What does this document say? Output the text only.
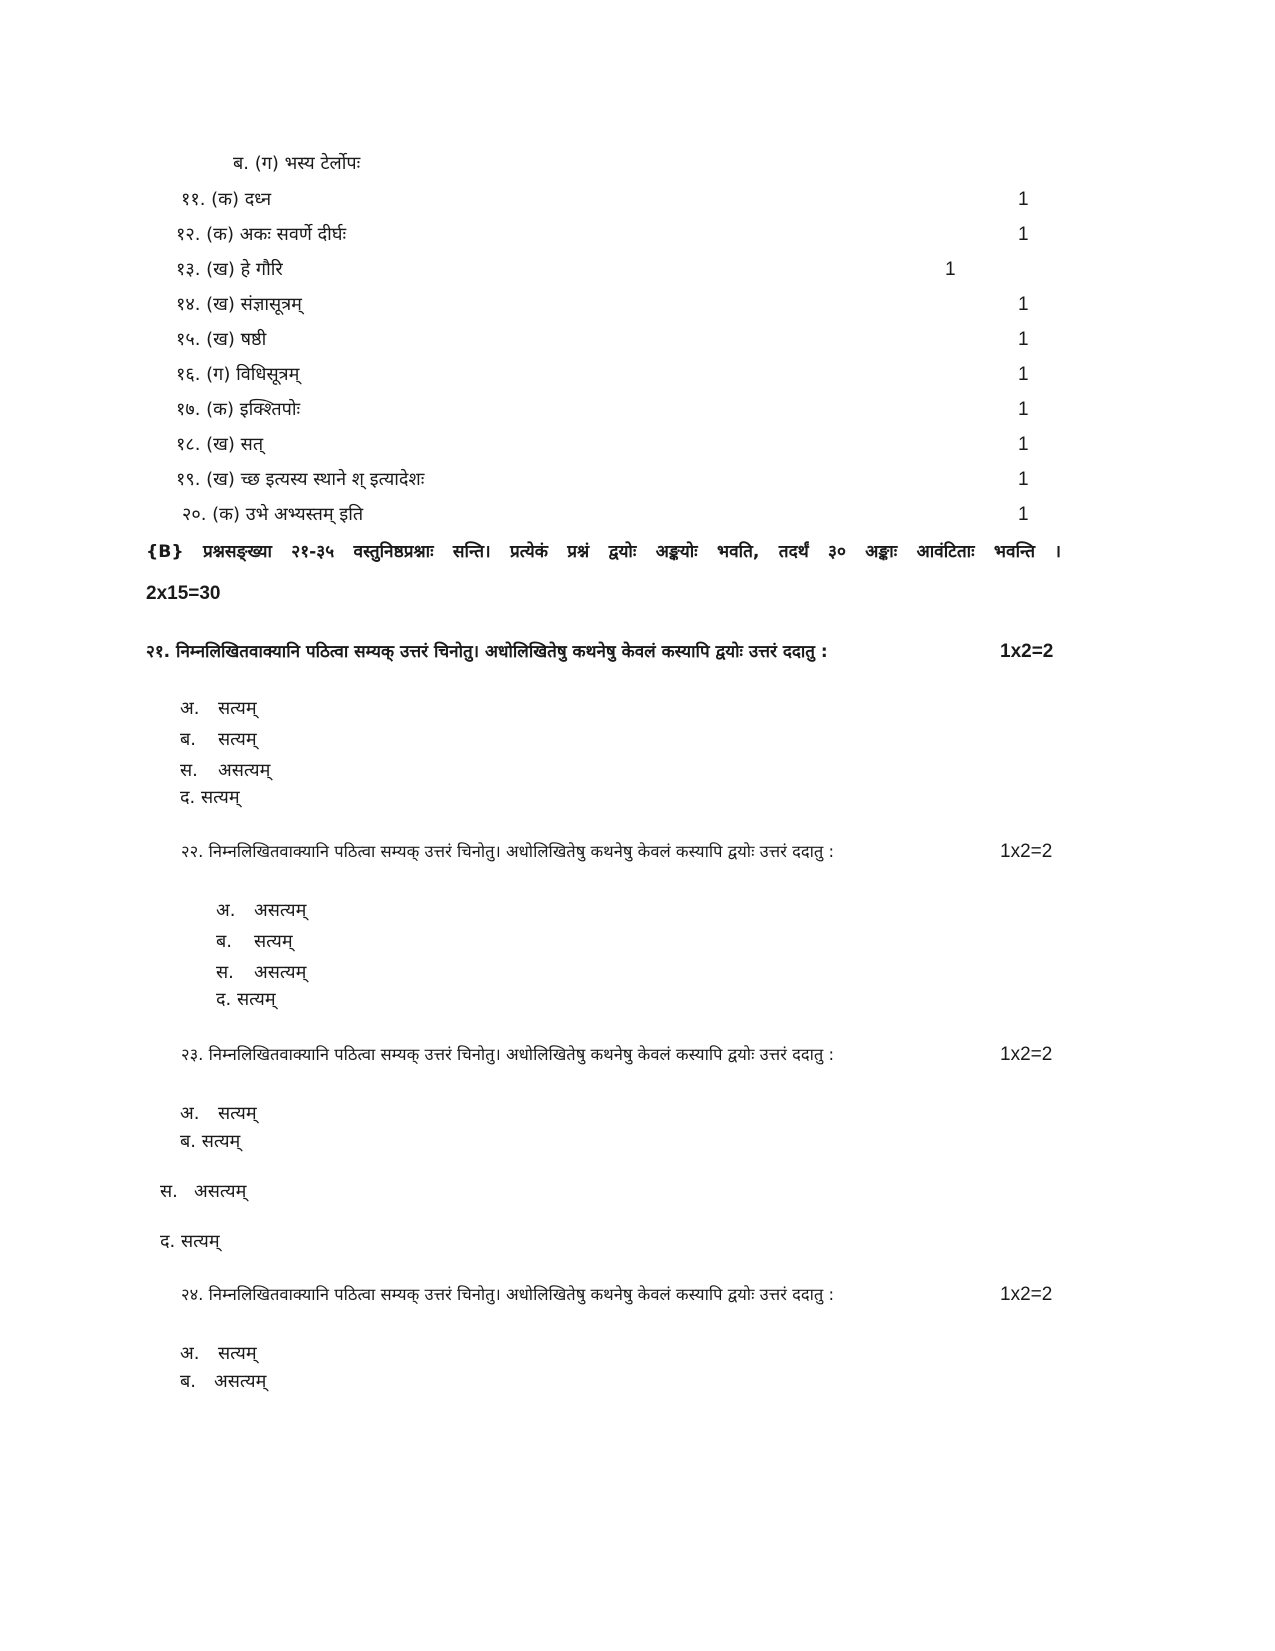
ब. (ग) भस्य टेर्लोपः
११. (क) दध्न	1
१२. (क) अकः सवर्णे दीर्घः	1
१३. (ख) हे गौरि	1
१४. (ख) संज्ञासूत्रम्	1
१५. (ख) षष्ठी	1
१६. (ग) विधिसूत्रम्	1
१७. (क) इक्श्तिपोः	1
१८. (ख) सत्	1
१९. (ख) च्छ इत्यस्य स्थाने श् इत्यादेशः	1
२०. (क) उभे अभ्यस्तम् इति	1
{B} प्रश्नसङ्ख्या २१-३५ वस्तुनिष्ठप्रश्नाः सन्ति। प्रत्येकं प्रश्नं द्वयोः अङ्कयोः भवति, तदर्थं ३० अङ्काः आवंटिताः भवन्ति ।
2x15=30
२१. निम्नलिखितवाक्यानि पठित्वा सम्यक् उत्तरं चिनोतु। अधोलिखितेषु कथनेषु केवलं कस्यापि द्वयोः उत्तरं ददातु :	1x2=2
अ. सत्यम्
ब. सत्यम्
स. असत्यम्
द. सत्यम्
२२. निम्नलिखितवाक्यानि पठित्वा सम्यक् उत्तरं चिनोतु। अधोलिखितेषु कथनेषु केवलं कस्यापि द्वयोः उत्तरं ददातु :	1x2=2
अ. असत्यम्
ब. सत्यम्
स. असत्यम्
द. सत्यम्
२३. निम्नलिखितवाक्यानि पठित्वा सम्यक् उत्तरं चिनोतु। अधोलिखितेषु कथनेषु केवलं कस्यापि द्वयोः उत्तरं ददातु :	1x2=2
अ. सत्यम्
ब. सत्यम्
स. असत्यम्
द. सत्यम्
२४. निम्नलिखितवाक्यानि पठित्वा सम्यक् उत्तरं चिनोतु। अधोलिखितेषु कथनेषु केवलं कस्यापि द्वयोः उत्तरं ददातु :	1x2=2
अ. सत्यम्
ब. असत्यम्
